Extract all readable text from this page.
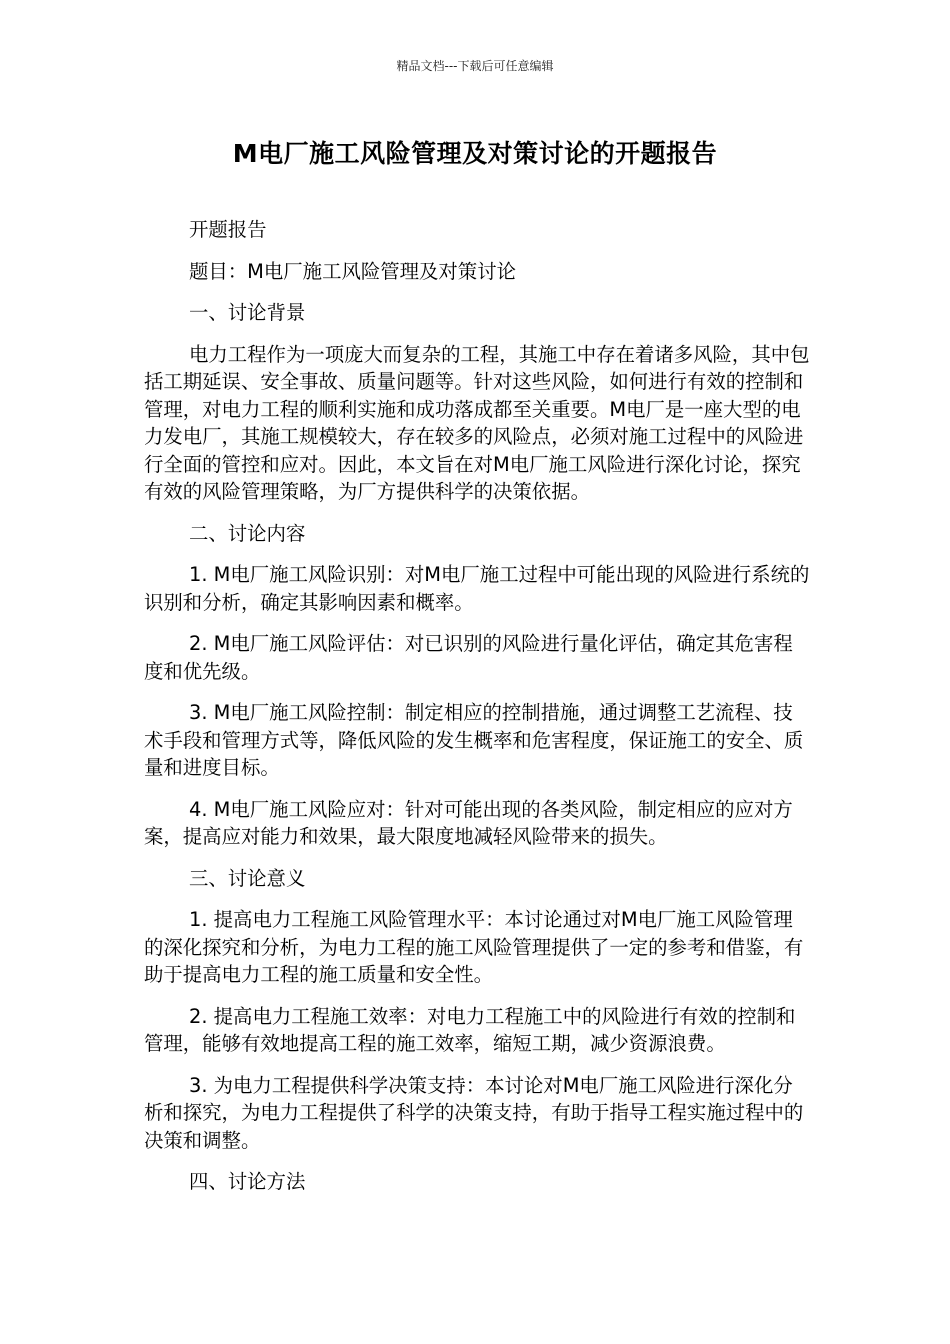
精品文档---下载后可任意编辑
M电厂施工风险管理及对策讨论的开题报告

开题报告

题目：M电厂施工风险管理及对策讨论

一、讨论背景

电力工程作为一项庞大而复杂的工程，其施工中存在着诸多风险，其中包括工期延误、安全事故、质量问题等。针对这些风险，如何进行有效的控制和管理，对电力工程的顺利实施和成功落成都至关重要。M电厂是一座大型的电力发电厂，其施工规模较大，存在较多的风险点，必须对施工过程中的风险进行全面的管控和应对。因此，本文旨在对M电厂施工风险进行深化讨论，探究有效的风险管理策略，为厂方提供科学的决策依据。

二、讨论内容

1. M电厂施工风险识别：对M电厂施工过程中可能出现的风险进行系统的识别和分析，确定其影响因素和概率。

2. M电厂施工风险评估：对已识别的风险进行量化评估，确定其危害程度和优先级。

3. M电厂施工风险控制：制定相应的控制措施，通过调整工艺流程、技术手段和管理方式等，降低风险的发生概率和危害程度，保证施工的安全、质量和进度目标。

4. M电厂施工风险应对：针对可能出现的各类风险，制定相应的应对方案，提高应对能力和效果，最大限度地减轻风险带来的损失。

三、讨论意义

1. 提高电力工程施工风险管理水平：本讨论通过对M电厂施工风险管理的深化探究和分析，为电力工程的施工风险管理提供了一定的参考和借鉴，有助于提高电力工程的施工质量和安全性。

2. 提高电力工程施工效率：对电力工程施工中的风险进行有效的控制和管理，能够有效地提高工程的施工效率，缩短工期，减少资源浪费。

3. 为电力工程提供科学决策支持：本讨论对M电厂施工风险进行深化分析和探究，为电力工程提供了科学的决策支持，有助于指导工程实施过程中的决策和调整。

四、讨论方法
